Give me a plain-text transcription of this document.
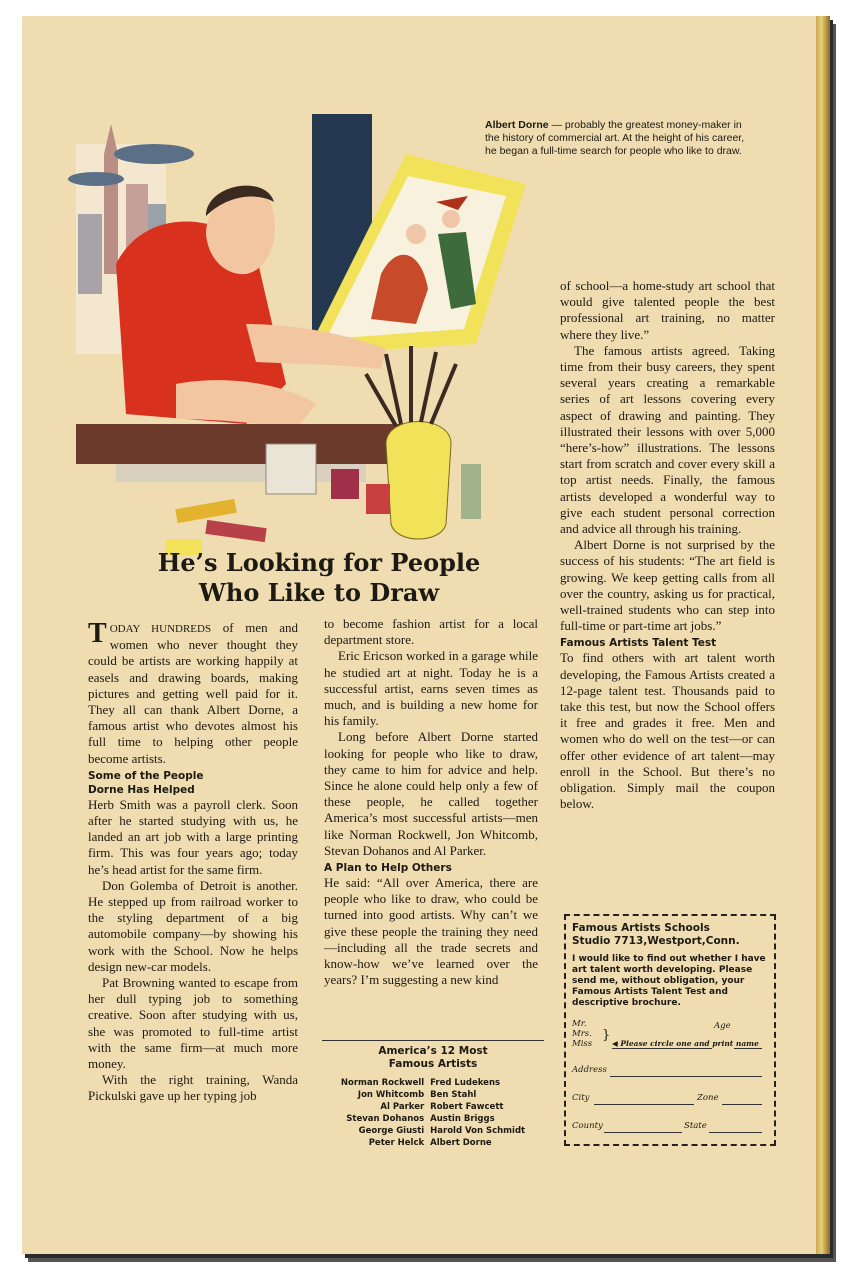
Albert Dorne — probably the greatest money-maker in the history of commercial art. At the height of his career, he began a full-time search for people who like to draw.
He’s Looking for People
Who Like to Draw

TODAY HUNDREDS of men and women who never thought they could be artists are working happily at easels and drawing boards, making pictures and getting well paid for it. They all can thank Albert Dorne, a famous artist who devotes almost his full time to helping other people become artists.

Some of the People
Dorne Has Helped

Herb Smith was a payroll clerk. Soon after he started studying with us, he landed an art job with a large printing firm. This was four years ago; today he’s head artist for the same firm.

Don Golemba of Detroit is another. He stepped up from railroad worker to the styling department of a big automobile company—by showing his work with the School. Now he helps design new-car models.

Pat Browning wanted to escape from her dull typing job to something creative. Soon after studying with us, she was promoted to full-time artist with the same firm—at much more money.

With the right training, Wanda Pickulski gave up her typing job

to become fashion artist for a local department store.

Eric Ericson worked in a garage while he studied art at night. Today he is a successful artist, earns seven times as much, and is building a new home for his family.

Long before Albert Dorne started looking for people who like to draw, they came to him for advice and help. Since he alone could help only a few of these people, he called together America’s most successful artists—men like Norman Rockwell, Jon Whitcomb, Stevan Dohanos and Al Parker.

A Plan to Help Others

He said: “All over America, there are people who like to draw, who could be turned into good artists. Why can’t we give these people the training they need—including all the trade secrets and know-how we’ve learned over the years? I’m suggesting a new kind

America’s 12 Most
Famous Artists
Norman Rockwell	Fred Ludekens
Jon Whitcomb	Ben Stahl
Al Parker	Robert Fawcett
Stevan Dohanos	Austin Briggs
George Giusti	Harold Von Schmidt
Peter Helck	Albert Dorne

of school—a home-study art school that would give talented people the best professional art training, no matter where they live.”

The famous artists agreed. Taking time from their busy careers, they spent several years creating a remarkable series of art lessons covering every aspect of drawing and painting. They illustrated their lessons with over 5,000 “here’s-how” illustrations. The lessons start from scratch and cover every skill a top artist needs. Finally, the famous artists developed a wonderful way to give each student personal correction and advice all through his training.

Albert Dorne is not surprised by the success of his students: “The art field is growing. We keep getting calls from all over the country, asking us for practical, well-trained students who can step into full-time or part-time art jobs.”

Famous Artists Talent Test

To find others with art talent worth developing, the Famous Artists created a 12-page talent test. Thousands paid to take this test, but now the School offers it free and grades it free. Men and women who do well on the test—or can offer other evidence of art talent—may enroll in the School. But there’s no obligation. Simply mail the coupon below.

Famous Artists Schools
Studio 7713,Westport,Conn.
I would like to find out whether I have art talent worth developing. Please send me, without obligation, your Famous Artists Talent Test and descriptive brochure.
Mr.
Mrs.
Miss
}
Age
◀ Please circle one and print name
Address
City	Zone
County	State
